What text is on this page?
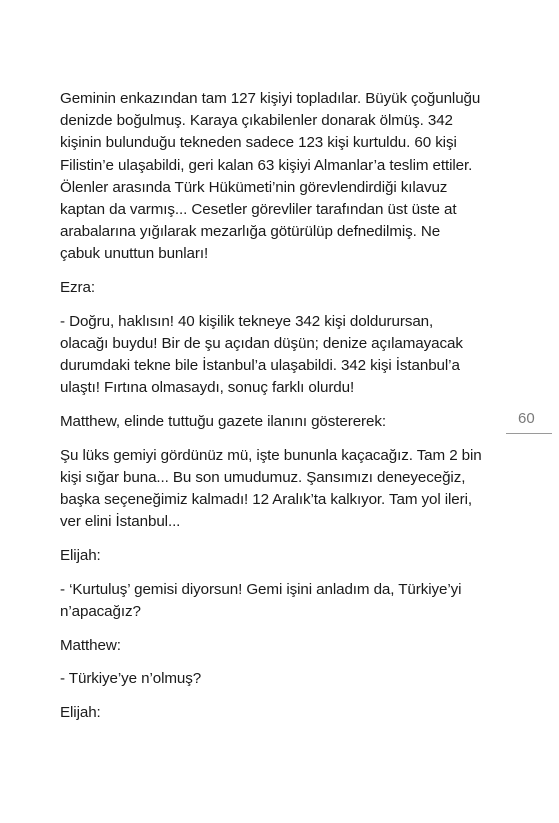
Geminin enkazından tam 127 kişiyi topladılar. Büyük çoğunluğu
denizde boğulmuş. Karaya çıkabilenler donarak ölmüş. 342
kişinin bulunduğu tekneden sadece 123 kişi kurtuldu. 60 kişi
Filistin’e ulaşabildi, geri kalan 63 kişiyi Almanlar’a teslim ettiler.
Ölenler arasında Türk Hükümeti’nin görevlendirdiği kılavuz
kaptan da varmış... Cesetler görevliler tarafından üst üste at
arabalarına yığılarak mezarlığa götürülüp defnedilmiş. Ne
çabuk unuttun bunları!

Ezra:

- Doğru, haklısın! 40 kişilik tekneye 342 kişi doldurursan,
olacağı buydu! Bir de şu açıdan düşün; denize açılamayacak
durumdaki tekne bile İstanbul’a ulaşabildi. 342 kişi İstanbul’a
ulaştı! Fırtına olmasaydı, sonuç farklı olurdu!

Matthew, elinde tuttuğu gazete ilanını göstererek:

Şu lüks gemiyi gördünüz mü, işte bununla kaçacağız. Tam 2 bin
kişi sığar buna... Bu son umudumuz. Şansımızı deneyeceğiz,
başka seçeneğimiz kalmadı! 12 Aralık’ta kalkıyor. Tam yol ileri,
ver elini İstanbul...

Elijah:

- ‘Kurtuluş’ gemisi diyorsun! Gemi işini anladım da, Türkiye’yi
n’apacağız?

Matthew:

- Türkiye’ye n’olmuş?

Elijah:

60
